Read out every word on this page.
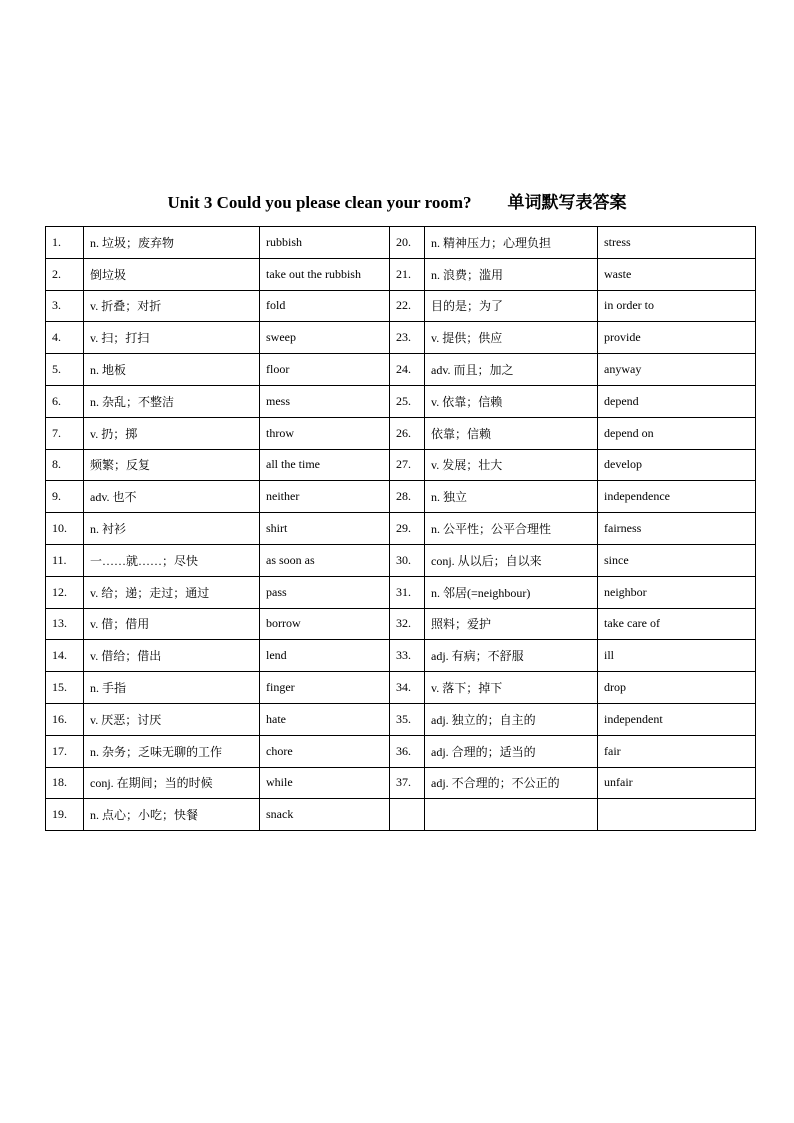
Unit 3 Could you please clean your room? 单词默写表答案
1.	n. 垃圾；废弃物	rubbish	20.	n. 精神压力；心理负担	stress
2.	倒垃圾	take out the rubbish	21.	n. 浪费；滥用	waste
3.	v. 折叠；对折	fold	22.	目的是；为了	in order to
4.	v. 扫；打扫	sweep	23.	v. 提供；供应	provide
5.	n. 地板	floor	24.	adv. 而且；加之	anyway
6.	n. 杂乱；不整洁	mess	25.	v. 依靠；信赖	depend
7.	v. 扔；掷	throw	26.	依靠；信赖	depend on
8.	频繁；反复	all the time	27.	v. 发展；壮大	develop
9.	adv. 也不	neither	28.	n. 独立	independence
10.	n. 衬衫	shirt	29.	n. 公平性；公平合理性	fairness
11.	一……就……；尽快	as soon as	30.	conj. 从以后；自以来	since
12.	v. 给；递；走过；通过	pass	31.	n. 邻居(=neighbour)	neighbor
13.	v. 借；借用	borrow	32.	照料；爱护	take care of
14.	v. 借给；借出	lend	33.	adj. 有病；不舒服	ill
15.	n. 手指	finger	34.	v. 落下；掉下	drop
16.	v. 厌恶；讨厌	hate	35.	adj. 独立的；自主的	independent
17.	n. 杂务；乏味无聊的工作	chore	36.	adj. 合理的；适当的	fair
18.	conj. 在期间；当的时候	while	37.	adj. 不合理的；不公正的	unfair
19.	n. 点心；小吃；快餐	snack			
